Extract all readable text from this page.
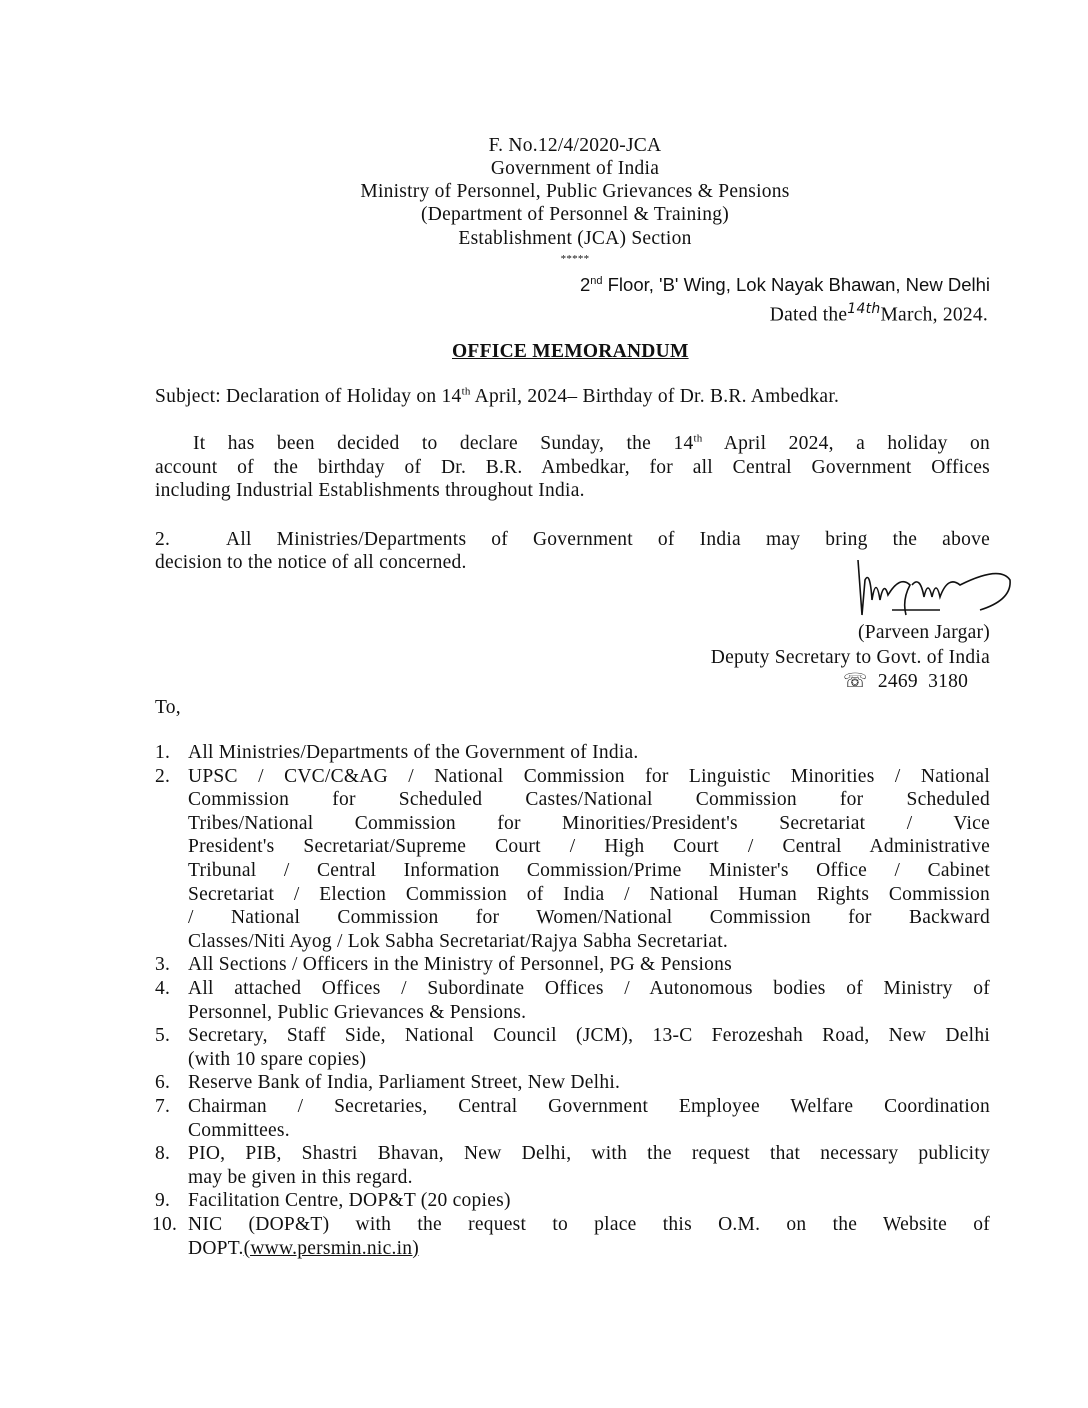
F. No.12/4/2020-JCA
Government of India
Ministry of Personnel, Public Grievances & Pensions
(Department of Personnel & Training)
Establishment (JCA) Section
*****
2nd Floor, 'B' Wing, Lok Nayak Bhawan, New Delhi
Dated the$^{14th}$March, 2024.
OFFICE MEMORANDUM
Subject: Declaration of Holiday on 14th April, 2024– Birthday of Dr. B.R. Ambedkar.
It has been decided to declare Sunday, the 14th April 2024, a holiday on
account of the birthday of Dr. B.R. Ambedkar, for all Central Government Offices
including Industrial Establishments throughout India.
2.	All Ministries/Departments of Government of India may bring the above
decision to the notice of all concerned.
(Parveen Jargar)
Deputy Secretary to Govt. of India
☏ 2469  3180
To,
1. All Ministries/Departments of the Government of India.
2. UPSC / CVC/C&AG / National Commission for Linguistic Minorities / National
Commission for Scheduled Castes/National Commission for Scheduled
Tribes/National Commission for Minorities/President's Secretariat / Vice
President's Secretariat/Supreme Court / High Court / Central Administrative
Tribunal / Central Information Commission/Prime Minister's Office / Cabinet
Secretariat / Election Commission of India / National Human Rights Commission
/ National Commission for Women/National Commission for Backward
Classes/Niti Ayog / Lok Sabha Secretariat/Rajya Sabha Secretariat.
3. All Sections / Officers in the Ministry of Personnel, PG & Pensions
4. All attached Offices / Subordinate Offices / Autonomous bodies of Ministry of
Personnel, Public Grievances & Pensions.
5. Secretary, Staff Side, National Council (JCM), 13-C Ferozeshah Road, New Delhi
(with 10 spare copies)
6. Reserve Bank of India, Parliament Street, New Delhi.
7. Chairman / Secretaries, Central Government Employee Welfare Coordination
Committees.
8. PIO, PIB, Shastri Bhavan, New Delhi, with the request that necessary publicity
may be given in this regard.
9. Facilitation Centre, DOP&T (20 copies)
10. NIC (DOP&T) with the request to place this O.M. on the Website of
DOPT.(www.persmin.nic.in)
